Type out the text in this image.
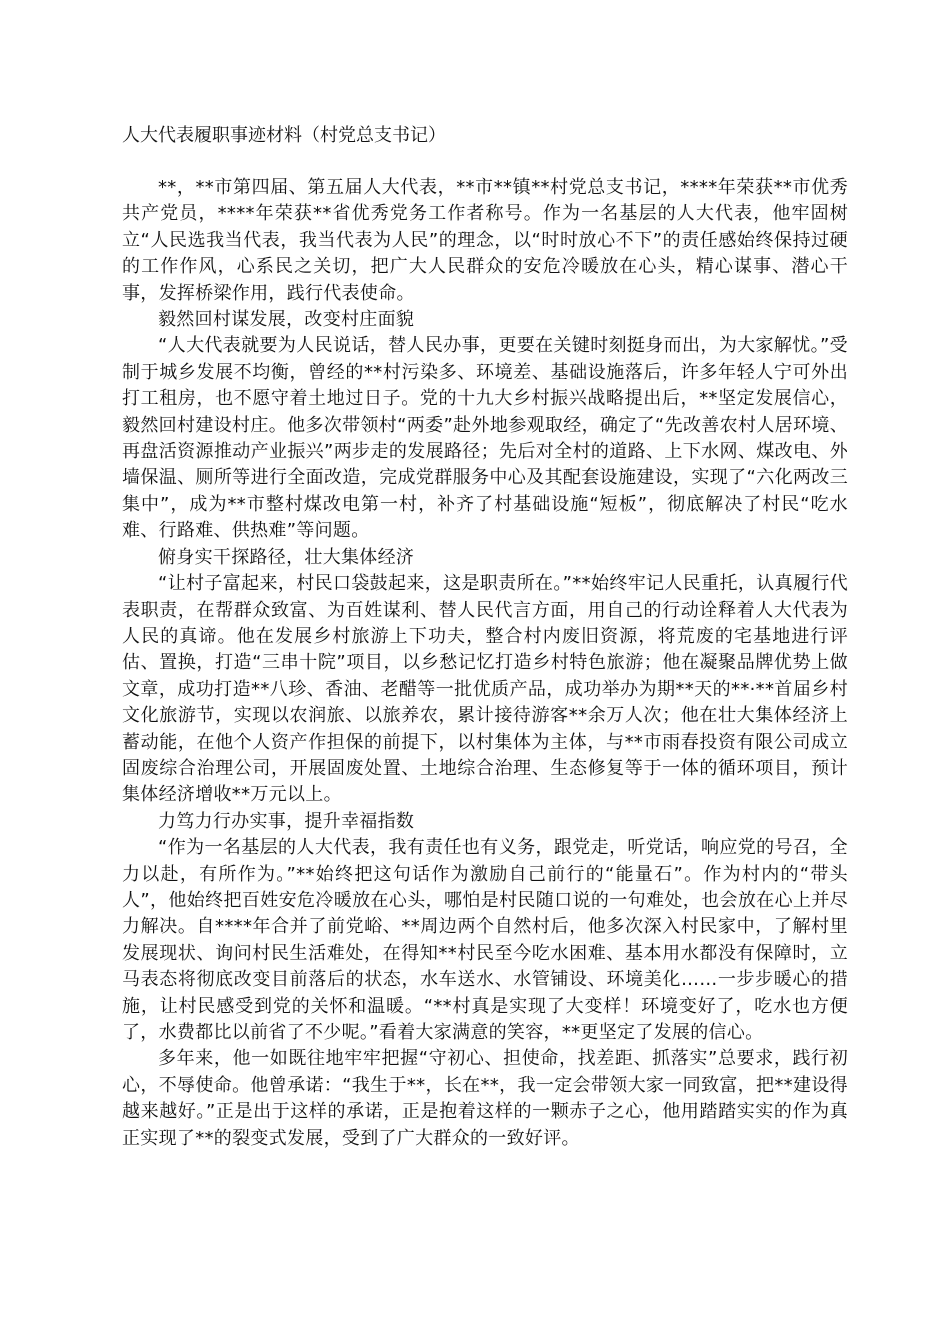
人大代表履职事迹材料（村党总支书记）

**，**市第四届、第五届人大代表，**市**镇**村党总支书记，****年荣获**市优秀共产党员，****年荣获**省优秀党务工作者称号。作为一名基层的人大代表，他牢固树立“人民选我当代表，我当代表为人民”的理念，以“时时放心不下”的责任感始终保持过硬的工作作风，心系民之关切，把广大人民群众的安危冷暖放在心头，精心谋事、潜心干事，发挥桥梁作用，践行代表使命。

毅然回村谋发展，改变村庄面貌

“人大代表就要为人民说话，替人民办事，更要在关键时刻挺身而出，为大家解忧。”受制于城乡发展不均衡，曾经的**村污染多、环境差、基础设施落后，许多年轻人宁可外出打工租房，也不愿守着土地过日子。党的十九大乡村振兴战略提出后，**坚定发展信心，毅然回村建设村庄。他多次带领村“两委”赴外地参观取经，确定了“先改善农村人居环境、再盘活资源推动产业振兴”两步走的发展路径；先后对全村的道路、上下水网、煤改电、外墙保温、厕所等进行全面改造，完成党群服务中心及其配套设施建设，实现了“六化两改三集中”，成为**市整村煤改电第一村，补齐了村基础设施“短板”，彻底解决了村民“吃水难、行路难、供热难”等问题。

俯身实干探路径，壮大集体经济

“让村子富起来，村民口袋鼓起来，这是职责所在。”**始终牢记人民重托，认真履行代表职责，在帮群众致富、为百姓谋利、替人民代言方面，用自己的行动诠释着人大代表为人民的真谛。他在发展乡村旅游上下功夫，整合村内废旧资源，将荒废的宅基地进行评估、置换，打造“三串十院”项目，以乡愁记忆打造乡村特色旅游；他在凝聚品牌优势上做文章，成功打造**八珍、香油、老醋等一批优质产品，成功举办为期**天的**·**首届乡村文化旅游节，实现以农润旅、以旅养农，累计接待游客**余万人次；他在壮大集体经济上蓄动能，在他个人资产作担保的前提下，以村集体为主体，与**市雨春投资有限公司成立固废综合治理公司，开展固废处置、土地综合治理、生态修复等于一体的循环项目，预计集体经济增收**万元以上。

力笃力行办实事，提升幸福指数

“作为一名基层的人大代表，我有责任也有义务，跟党走，听党话，响应党的号召，全力以赴，有所作为。”**始终把这句话作为激励自己前行的“能量石”。作为村内的“带头人”，他始终把百姓安危冷暖放在心头，哪怕是村民随口说的一句难处，也会放在心上并尽力解决。自****年合并了前党峪、**周边两个自然村后，他多次深入村民家中，了解村里发展现状、询问村民生活难处，在得知**村民至今吃水困难、基本用水都没有保障时，立马表态将彻底改变目前落后的状态，水车送水、水管铺设、环境美化……一步步暖心的措施，让村民感受到党的关怀和温暖。“**村真是实现了大变样！环境变好了，吃水也方便了，水费都比以前省了不少呢。”看着大家满意的笑容，**更坚定了发展的信心。

多年来，他一如既往地牢牢把握“守初心、担使命，找差距、抓落实”总要求，践行初心，不辱使命。他曾承诺：“我生于**，长在**，我一定会带领大家一同致富，把**建设得越来越好。”正是出于这样的承诺，正是抱着这样的一颗赤子之心，他用踏踏实实的作为真正实现了**的裂变式发展，受到了广大群众的一致好评。
